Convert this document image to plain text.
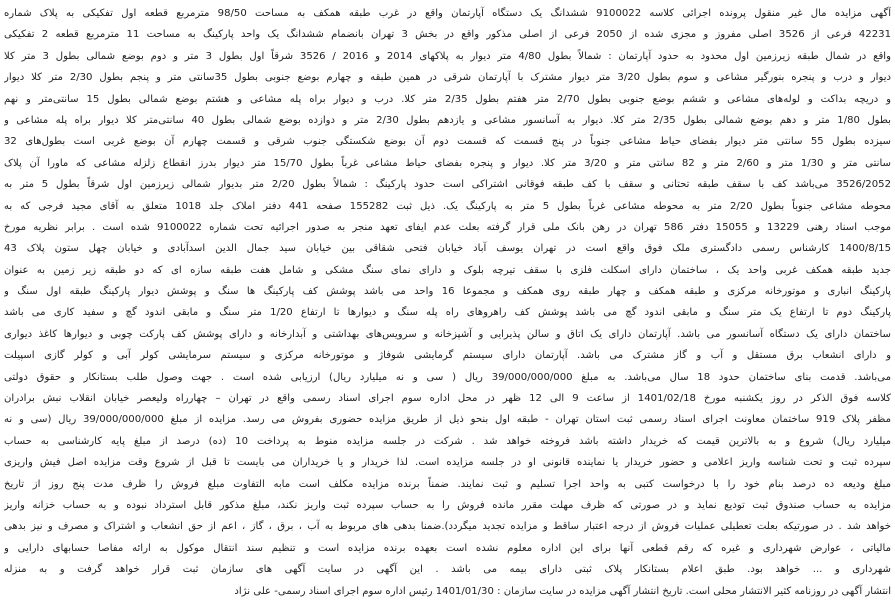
آگهی مزایده مال غیر منقول پرونده اجرائی کلاسه 9100022 ششدانگ یک دستگاه آپارتمان واقع در غرب طبقه همکف به مساحت 98/50 مترمربع قطعه اول تفکیکی به پلاک شماره
42231 فرعی از 3526 اصلی مفروز و مجزی شده از 2050 فرعی از اصلی مذکور واقع در بخش 3 تهران بانضمام ششدانگ یک واحد پارکینگ به مساحت 11 مترمربع قطعه 2 تفکیکی
واقع در شمال طبقه زیرزمین اول محدود به حدود آپارتمان : شمالاً بطول 4/80 متر دیوار به پلاکهای 2014 و 2016 / 3526 شرقاً اول بطول 3 متر و دوم بوضع شمالی بطول 3 متر کلا
دیوار و درب و پنجره بنورگیر مشاعی و سوم بطول 3/20 متر دیوار مشترک با آپارتمان شرقی در همین طبقه و چهارم بوضع جنوبی بطول 35سانتی متر و پنجم بطول 2/30 متر کلا دیوار
و دریچه بداکت و لوله‌های مشاعی و ششم بوضع جنوبی بطول 2/70 متر هفتم بطول 2/35 متر کلا. درب و دیوار براه پله مشاعی و هشتم بوضع شمالی بطول 15 سانتی‌متر و نهم
بطول 1/80 متر و دهم بوضع شمالی بطول 2/35 متر کلا. دیوار به آسانسور مشاعی و یازدهم بطول 2/30 متر و دوازده بوضع شمالی بطول 40 سانتی‌متر کلا دیوار براه پله مشاعی و
سیزده بطول 55 سانتی متر دیوار بفضای حیاط مشاعی جنوباً در پنج قسمت که قسمت دوم آن بوضع شکستگی جنوب شرقی و قسمت چهارم آن بوضع غربی است بطول‌های 32
سانتی متر و 1/30 متر و 2/60 متر و 82 سانتی متر و 3/20 متر کلا. دیوار و پنجره بفضای حیاط مشاعی غرباً بطول 15/70 متر دیوار بدرز انقطاع زلزله مشاعی که ماورا آن پلاک
3526/2052 می‌باشد کف با سقف طبقه تحتانی و سقف با کف طبقه فوقانی اشتراکی است حدود پارکینگ : شمالاً بطول 2/20 متر بدیوار شمالی زیرزمین اول شرقاً بطول 5 متر به
محوطه مشاعی جنوباً بطول 2/20 متر به محوطه مشاعی غرباً بطول 5 متر به پارکینگ یک. ذیل ثبت 155282 صفحه 441 دفتر املاک جلد 1018 متعلق به آقای مجید فرجی که به
موجب اسناد رهنی 13229 و 15055 دفتر 586 تهران در رهن بانک ملی قرار گرفته بعلت عدم ایفای تعهد منجر به صدور اجرائیه تحت شماره 9100022 شده است . برابر نظریه مورخ
1400/8/15 کارشناس رسمی دادگستری ملک فوق واقع است در تهران یوسف آباد خیابان فتحی شقاقی بین خیابان سید جمال الدین اسدآبادی و خیابان چهل ستون پلاک 43
جدید طبقه همکف غربی واحد یک ، ساختمان دارای اسکلت فلزی با سقف تیرچه بلوک و دارای نمای سنگ مشکی و شامل هفت طبقه سازه ای که دو طبقه زیر زمین به عنوان
پارکینگ انباری و موتورخانه مرکزی و طبقه همکف و چهار طبقه روی همکف و مجموعا 16 واحد می باشد پوشش کف پارکینگ ها سنگ و پوشش دیوار پارکینگ طبقه اول سنگ و
پارکینگ دوم تا ارتفاع یک متر سنگ و مابقی اندود گچ می باشد پوشش کف راهروهای راه پله سنگ و دیوارها تا ارتفاع 1/20 متر سنگ و مابقی اندود گچ و سفید کاری می باشد
ساختمان دارای یک دستگاه آسانسور می باشد. آپارتمان دارای یک اتاق و سالن پذیرایی و آشپزخانه و سرویس‌های بهداشتی و آبدارخانه و دارای پوشش کف پارکت چوبی و دیوارها کاغذ دیواری
و دارای انشعاب برق مستقل و آب و گاز مشترک می باشد. آپارتمان دارای سیستم گرمایشی شوفاژ و موتورخانه مرکزی و سیستم سرمایشی کولر آبی و کولر گازی اسپیلت
می‌باشد. قدمت بنای ساختمان حدود 18 سال می‌باشد. به مبلغ 39/000/000/000 ریال ( سی و نه میلیارد ریال) ارزیابی شده است . جهت وصول طلب بستانکار و حقوق دولتی
کلاسه فوق الذکر در روز یکشنبه مورخ 1401/02/18 از ساعت 9 الی 12 ظهر در محل اداره سوم اجرای اسناد رسمی واقع در تهران – چهارراه ولیعصر خیابان انقلاب نبش برادران
مظفر پلاک 919 ساختمان معاونت اجرای اسناد رسمی ثبت استان تهران - طبقه اول بنحو ذیل از طریق مزایده حضوری بفروش می رسد. مزایده از مبلغ 39/000/000/000 ریال (سی و نه
میلیارد ریال) شروع و به بالاترین قیمت که خریدار داشته باشد فروخته خواهد شد . شرکت در جلسه مزایده منوط به پرداخت 10 (ده) درصد از مبلغ پایه کارشناسی به حساب
سپرده ثبت و تحت شناسه واریز اعلامی و حضور خریدار یا نماینده قانونی او در جلسه مزایده است. لذا خریدار و یا خریداران می بایست تا قبل از شروع وقت مزایده اصل فیش واریزی
مبلغ ودیعه ده درصد بنام خود را با درخواست کتبی به واحد اجرا تسلیم و ثبت نمایند. ضمناً برنده مزایده مکلف است مابه التفاوت مبلغ فروش را ظرف مدت پنج روز از تاریخ
مزایده به حساب صندوق ثبت تودیع نماید و در صورتی که ظرف مهلت مقرر مانده فروش را به حساب سپرده ثبت واریز نکند، مبلغ مذکور قابل استرداد نبوده و به حساب خزانه واریز
خواهد شد . در صورتیکه بعلت تعطیلی عملیات فروش از درجه اعتبار ساقط و مزایده تجدید میگردد).ضمنا بدهی های مربوط به آب ، برق ، گاز ، اعم از حق انشعاب و اشتراک و مصرف و نیز بدهی
مالیاتی ، عوارض شهرداری و غیره که رقم قطعی آنها برای این اداره معلوم نشده است بعهده برنده مزایده است و تنظیم سند انتقال موکول به ارائه مفاصا حسابهای دارایی و
شهرداری و ... خواهد بود. طبق اعلام بستانکار پلاک ثبتی دارای بیمه می باشد . این آگهی در سایت آگهی های سازمان ثبت قرار خواهد گرفت و به منزله
انتشار آگهی در روزنامه کثیر الانتشار محلی است. تاریخ انتشار آگهی مزایده در سایت سازمان : 1401/01/30 رئیس اداره سوم اجرای اسناد رسمی- علی نژاد
